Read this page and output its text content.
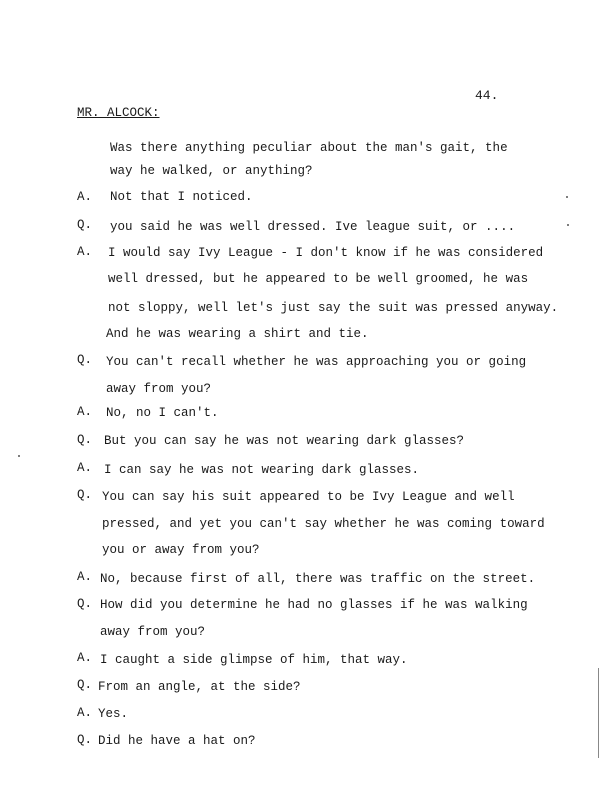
44.
MR. ALCOCK:
Was there anything peculiar about the man's gait, the
way he walked, or anything?
A. Not that I noticed.
Q. you said he was well dressed. Ive league suit, or ....
A. I would say Ivy League - I don't know if he was considered
well dressed, but he appeared to be well groomed, he was
not sloppy, well let's just say the suit was pressed anyway.
And he was wearing a shirt and tie.
Q. You can't recall whether he was approaching you or going
away from you?
A. No, no I can't.
Q. But you can say he was not wearing dark glasses?
A. I can say he was not wearing dark glasses.
Q. You can say his suit appeared to be Ivy League and well
pressed, and yet you can't say whether he was coming toward
you or away from you?
A. No, because first of all, there was traffic on the street.
Q. How did you determine he had no glasses if he was walking
away from you?
A. I caught a side glimpse of him, that way.
Q. From an angle, at the side?
A. Yes.
Q. Did he have a hat on?
